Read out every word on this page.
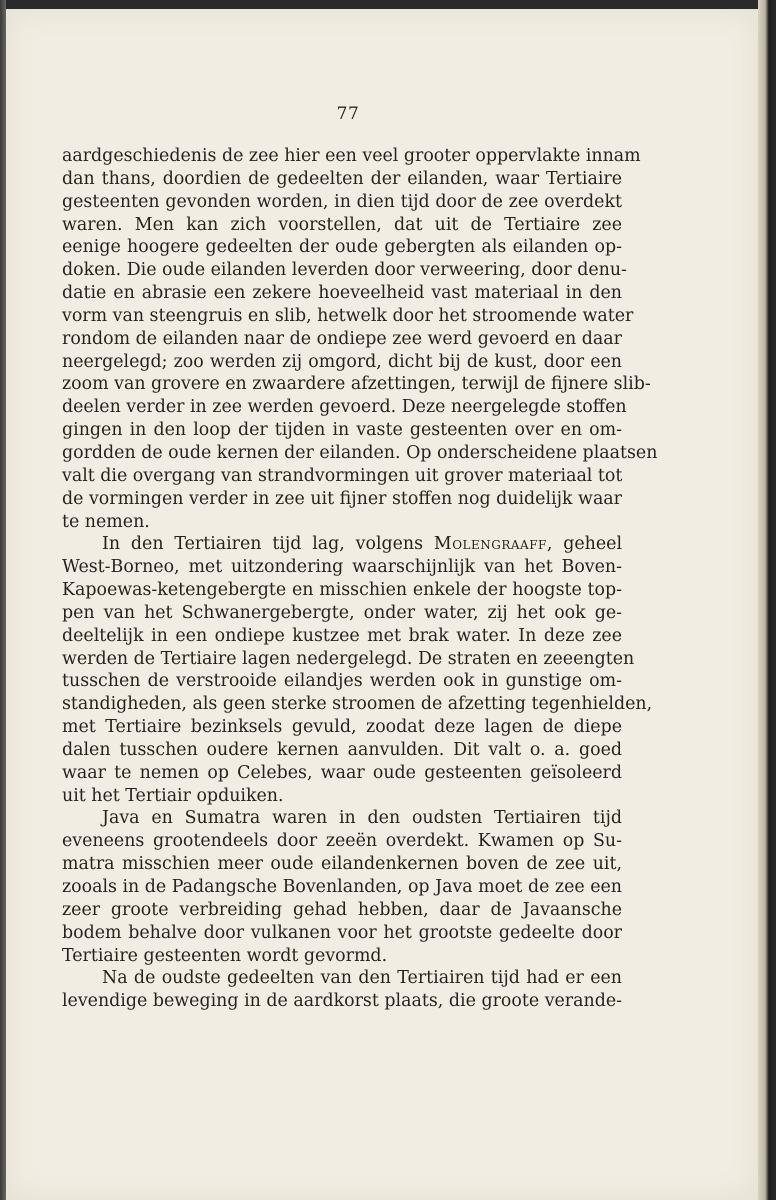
77
aardgeschiedenis de zee hier een veel grooter oppervlakte innam
dan thans, doordien de gedeelten der eilanden, waar Tertiaire
gesteenten gevonden worden, in dien tijd door de zee overdekt
waren. Men kan zich voorstellen, dat uit de Tertiaire zee
eenige hoogere gedeelten der oude gebergten als eilanden op-
doken. Die oude eilanden leverden door verweering, door denu-
datie en abrasie een zekere hoeveelheid vast materiaal in den
vorm van steengruis en slib, hetwelk door het stroomende water
rondom de eilanden naar de ondiepe zee werd gevoerd en daar
neergelegd; zoo werden zij omgord, dicht bij de kust, door een
zoom van grovere en zwaardere afzettingen, terwijl de fijnere slib-
deelen verder in zee werden gevoerd. Deze neergelegde stoffen
gingen in den loop der tijden in vaste gesteenten over en om-
gordden de oude kernen der eilanden. Op onderscheidene plaatsen
valt die overgang van strandvormingen uit grover materiaal tot
de vormingen verder in zee uit fijner stoffen nog duidelijk waar
te nemen.
In den Tertiairen tijd lag, volgens Molengraaff, geheel
West-Borneo, met uitzondering waarschijnlijk van het Boven-
Kapoewas-ketengebergte en misschien enkele der hoogste top-
pen van het Schwanergebergte, onder water, zij het ook ge-
deeltelijk in een ondiepe kustzee met brak water. In deze zee
werden de Tertiaire lagen nedergelegd. De straten en zeeengten
tusschen de verstrooide eilandjes werden ook in gunstige om-
standigheden, als geen sterke stroomen de afzetting tegenhielden,
met Tertiaire bezinksels gevuld, zoodat deze lagen de diepe
dalen tusschen oudere kernen aanvulden. Dit valt o. a. goed
waar te nemen op Celebes, waar oude gesteenten geïsoleerd
uit het Tertiair opduiken.
Java en Sumatra waren in den oudsten Tertiairen tijd
eveneens grootendeels door zeeën overdekt. Kwamen op Su-
matra misschien meer oude eilandenkernen boven de zee uit,
zooals in de Padangsche Bovenlanden, op Java moet de zee een
zeer groote verbreiding gehad hebben, daar de Javaansche
bodem behalve door vulkanen voor het grootste gedeelte door
Tertiaire gesteenten wordt gevormd.
Na de oudste gedeelten van den Tertiairen tijd had er een
levendige beweging in de aardkorst plaats, die groote verande-
